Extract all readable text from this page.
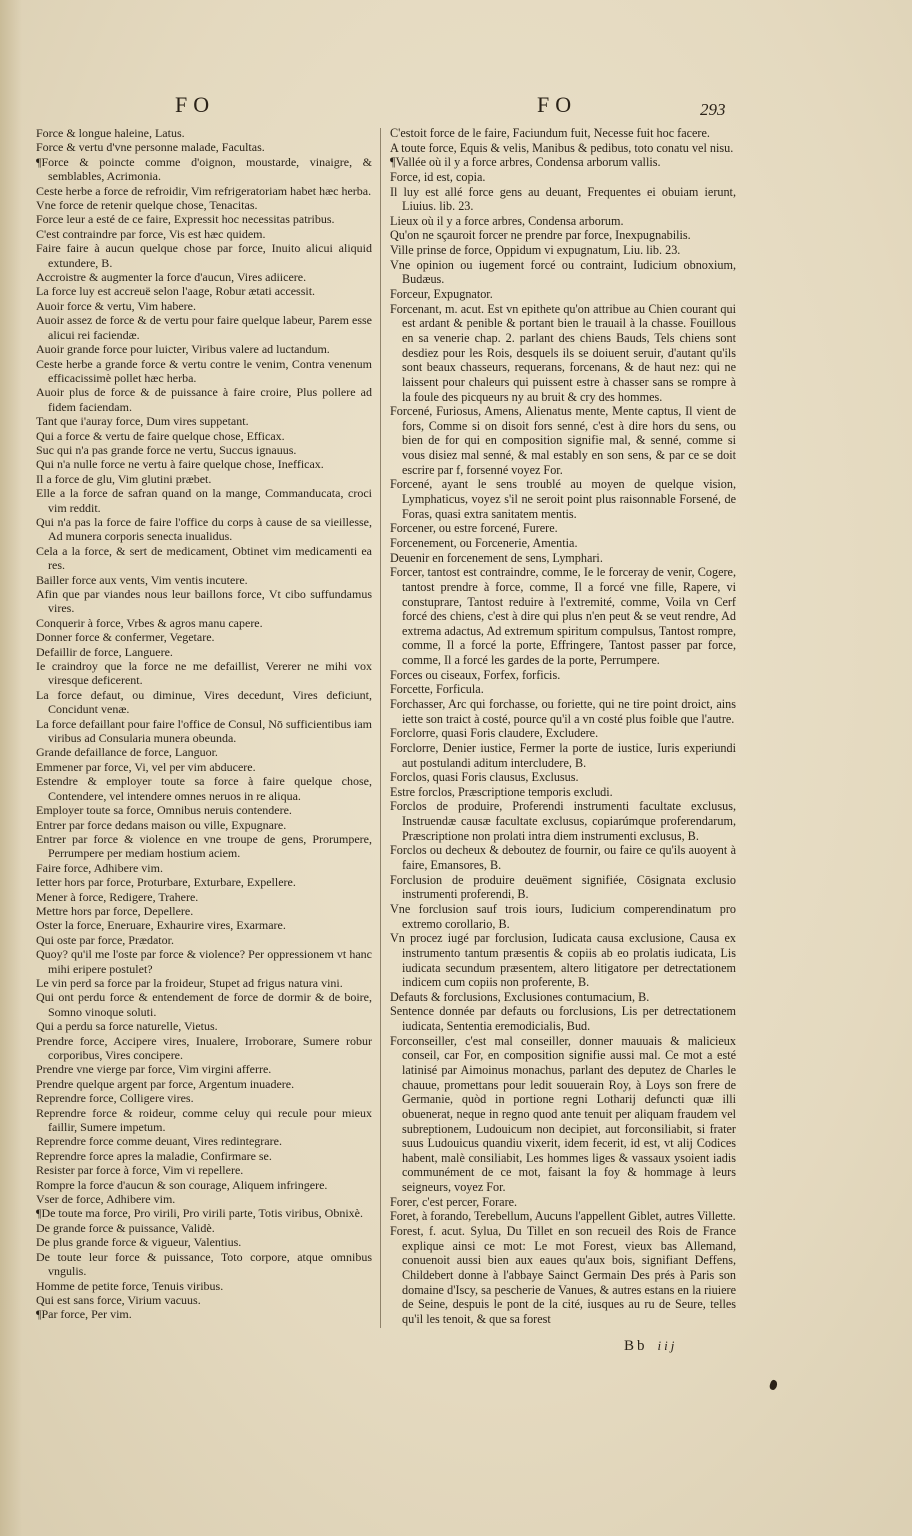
FO	FO	293

Force & longue haleine, Latus.

Force & vertu d'vne personne malade, Facultas.

¶Force & poincte comme d'oignon, moustarde, vinaigre, & semblables, Acrimonia.

Ceste herbe a force de refroidir, Vim refrigeratoriam habet hæc herba.

Vne force de retenir quelque chose, Tenacitas.

Force leur a esté de ce faire, Expressit hoc necessitas patribus.

C'est contraindre par force, Vis est hæc quidem.

Faire faire à aucun quelque chose par force, Inuito alicui aliquid extundere, B.

Accroistre & augmenter la force d'aucun, Vires adiicere.

La force luy est accreuë selon l'aage, Robur ætati accessit.

Auoir force & vertu, Vim habere.

Auoir assez de force & de vertu pour faire quelque labeur, Parem esse alicui rei faciendæ.

Auoir grande force pour luicter, Viribus valere ad luctandum.

Ceste herbe a grande force & vertu contre le venim, Contra venenum efficacissimè pollet hæc herba.

Auoir plus de force & de puissance à faire croire, Plus pollere ad fidem faciendam.

Tant que i'auray force, Dum vires suppetant.

Qui a force & vertu de faire quelque chose, Efficax.

Suc qui n'a pas grande force ne vertu, Succus ignauus.

Qui n'a nulle force ne vertu à faire quelque chose, Inefficax.

Il a force de glu, Vim glutini præbet.

Elle a la force de safran quand on la mange, Commanducata, croci vim reddit.

Qui n'a pas la force de faire l'office du corps à cause de sa vieillesse, Ad munera corporis senecta inualidus.

Cela a la force, & sert de medicament, Obtinet vim medicamenti ea res.

Bailler force aux vents, Vim ventis incutere.

Afin que par viandes nous leur baillons force, Vt cibo suffundamus vires.

Conquerir à force, Vrbes & agros manu capere.

Donner force & confermer, Vegetare.

Defaillir de force, Languere.

Ie craindroy que la force ne me defaillist, Vererer ne mihi vox viresque deficerent.

La force defaut, ou diminue, Vires decedunt, Vires deficiunt, Concidunt venæ.

La force defaillant pour faire l'office de Consul, Nō sufficientibus iam viribus ad Consularia munera obeunda.

Grande defaillance de force, Languor.

Emmener par force, Vi, vel per vim abducere.

Estendre & employer toute sa force à faire quelque chose, Contendere, vel intendere omnes neruos in re aliqua.

Employer toute sa force, Omnibus neruis contendere.

Entrer par force dedans maison ou ville, Expugnare.

Entrer par force & violence en vne troupe de gens, Prorumpere, Perrumpere per mediam hostium aciem.

Faire force, Adhibere vim.

Ietter hors par force, Proturbare, Exturbare, Expellere.

Mener à force, Redigere, Trahere.

Mettre hors par force, Depellere.

Oster la force, Eneruare, Exhaurire vires, Exarmare.

Qui oste par force, Prædator.

Quoy? qu'il me l'oste par force & violence? Per oppressionem vt hanc mihi eripere postulet?

Le vin perd sa force par la froideur, Stupet ad frigus natura vini.

Qui ont perdu force & entendement de force de dormir & de boire, Somno vinoque soluti.

Qui a perdu sa force naturelle, Vietus.

Prendre force, Accipere vires, Inualere, Irroborare, Sumere robur corporibus, Vires concipere.

Prendre vne vierge par force, Vim virgini afferre.

Prendre quelque argent par force, Argentum inuadere.

Reprendre force, Colligere vires.

Reprendre force & roideur, comme celuy qui recule pour mieux faillir, Sumere impetum.

Reprendre force comme deuant, Vires redintegrare.

Reprendre force apres la maladie, Confirmare se.

Resister par force à force, Vim vi repellere.

Rompre la force d'aucun & son courage, Aliquem infringere.

Vser de force, Adhibere vim.

¶De toute ma force, Pro virili, Pro virili parte, Totis viribus, Obnixè.

De grande force & puissance, Validè.

De plus grande force & vigueur, Valentius.

De toute leur force & puissance, Toto corpore, atque omnibus vngulis.

Homme de petite force, Tenuis viribus.

Qui est sans force, Virium vacuus.

¶Par force, Per vim.

C'estoit force de le faire, Faciundum fuit, Necesse fuit hoc facere.

A toute force, Equis & velis, Manibus & pedibus, toto conatu vel nisu.

¶Vallée où il y a force arbres, Condensa arborum vallis.

Force, id est, copia.

Il luy est allé force gens au deuant, Frequentes ei obuiam ierunt, Liuius. lib. 23.

Lieux où il y a force arbres, Condensa arborum.

Qu'on ne sçauroit forcer ne prendre par force, Inexpugnabilis.

Ville prinse de force, Oppidum vi expugnatum, Liu. lib. 23.

Vne opinion ou iugement forcé ou contraint, Iudicium obnoxium, Budæus.

Forceur, Expugnator.

Forcenant, m. acut. Est vn epithete qu'on attribue au Chien courant qui est ardant & penible & portant bien le trauail à la chasse. Fouillous en sa venerie chap. 2. parlant des chiens Bauds, Tels chiens sont desdiez pour les Rois, desquels ils se doiuent seruir, d'autant qu'ils sont beaux chasseurs, requerans, forcenans, & de haut nez: qui ne laissent pour chaleurs qui puissent estre à chasser sans se rompre à la foule des picqueurs ny au bruit & cry des hommes.

Forcené, Furiosus, Amens, Alienatus mente, Mente captus, Il vient de fors, Comme si on disoit fors senné, c'est à dire hors du sens, ou bien de for qui en composition signifie mal, & senné, comme si vous disiez mal senné, & mal estably en son sens, & par ce se doit escrire par f, forsenné voyez For.

Forcené, ayant le sens troublé au moyen de quelque vision, Lymphaticus, voyez s'il ne seroit point plus raisonnable Forsené, de Foras, quasi extra sanitatem mentis.

Forcener, ou estre forcené, Furere.

Forcenement, ou Forcenerie, Amentia.

Deuenir en forcenement de sens, Lymphari.

Forcer, tantost est contraindre, comme, Ie le forceray de venir, Cogere, tantost prendre à force, comme, Il a forcé vne fille, Rapere, vi constuprare, Tantost reduire à l'extremité, comme, Voila vn Cerf forcé des chiens, c'est à dire qui plus n'en peut & se veut rendre, Ad extrema adactus, Ad extremum spiritum compulsus, Tantost rompre, comme, Il a forcé la porte, Effringere, Tantost passer par force, comme, Il a forcé les gardes de la porte, Perrumpere.

Forces ou ciseaux, Forfex, forficis.

Forcette, Forficula.

Forchasser, Arc qui forchasse, ou foriette, qui ne tire point droict, ains iette son traict à costé, pource qu'il a vn costé plus foible que l'autre.

Forclorre, quasi Foris claudere, Excludere.

Forclorre, Denier iustice, Fermer la porte de iustice, Iuris experiundi aut postulandi aditum intercludere, B.

Forclos, quasi Foris clausus, Exclusus.

Estre forclos, Præscriptione temporis excludi.

Forclos de produire, Proferendi instrumenti facultate exclusus, Instruendæ causæ facultate exclusus, copiarúmque proferendarum, Præscriptione non prolati intra diem instrumenti exclusus, B.

Forclos ou decheux & deboutez de fournir, ou faire ce qu'ils auoyent à faire, Emansores, B.

Forclusion de produire deuëment signifiée, Cōsignata exclusio instrumenti proferendi, B.

Vne forclusion sauf trois iours, Iudicium comperendinatum pro extremo corollario, B.

Vn procez iugé par forclusion, Iudicata causa exclusione, Causa ex instrumento tantum præsentis & copiis ab eo prolatis iudicata, Lis iudicata secundum præsentem, altero litigatore per detrectationem indicem cum copiis non proferente, B.

Defauts & forclusions, Exclusiones contumacium, B.

Sentence donnée par defauts ou forclusions, Lis per detrectationem iudicata, Sententia eremodicialis, Bud.

Forconseiller, c'est mal conseiller, donner mauuais & malicieux conseil, car For, en composition signifie aussi mal. Ce mot a esté latinisé par Aimoinus monachus, parlant des deputez de Charles le chauue, promettans pour ledit souuerain Roy, à Loys son frere de Germanie, quòd in portione regni Lotharij defuncti quæ illi obuenerat, neque in regno quod ante tenuit per aliquam fraudem vel subreptionem, Ludouicum non decipiet, aut forconsiliabit, si frater suus Ludouicus quandiu vixerit, idem fecerit, id est, vt alij Codices habent, malè consiliabit, Les hommes liges & vassaux ysoient iadis communément de ce mot, faisant la foy & hommage à leurs seigneurs, voyez For.

Forer, c'est percer, Forare.

Foret, à forando, Terebellum, Aucuns l'appellent Giblet, autres Villette.

Forest, f. acut. Sylua, Du Tillet en son recueil des Rois de France explique ainsi ce mot: Le mot Forest, vieux bas Allemand, conuenoit aussi bien aux eaues qu'aux bois, signifiant Deffens, Childebert donne à l'abbaye Sainct Germain Des prés à Paris son domaine d'Iscy, sa pescherie de Vanues, & autres estans en la riuiere de Seine, despuis le pont de la cité, iusques au ru de Seure, telles qu'il les tenoit, & que sa forest

Bb iij
